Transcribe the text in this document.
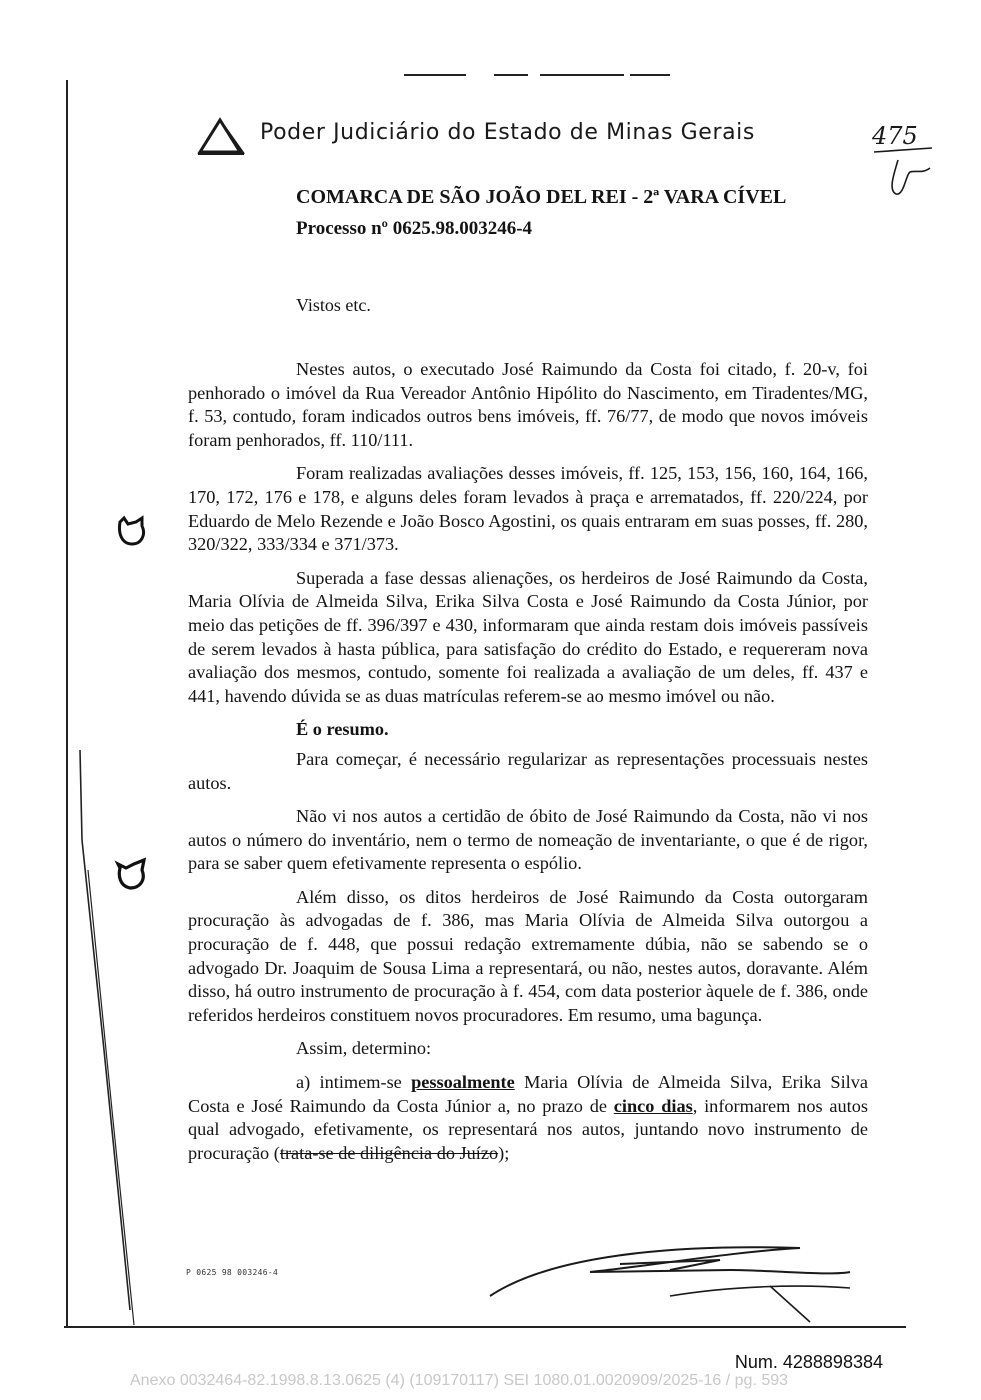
Poder Judiciário do Estado de Minas Gerais	475
COMARCA DE SÃO JOÃO DEL REI - 2ª VARA CÍVEL
Processo nº 0625.98.003246-4
Vistos etc.

Nestes autos, o executado José Raimundo da Costa foi citado, f. 20-v, foi penhorado o imóvel da Rua Vereador Antônio Hipólito do Nascimento, em Tiradentes/MG, f. 53, contudo, foram indicados outros bens imóveis, ff. 76/77, de modo que novos imóveis foram penhorados, ff. 110/111.

Foram realizadas avaliações desses imóveis, ff. 125, 153, 156, 160, 164, 166, 170, 172, 176 e 178, e alguns deles foram levados à praça e arrematados, ff. 220/224, por Eduardo de Melo Rezende e João Bosco Agostini, os quais entraram em suas posses, ff. 280, 320/322, 333/334 e 371/373.

Superada a fase dessas alienações, os herdeiros de José Raimundo da Costa, Maria Olívia de Almeida Silva, Erika Silva Costa e José Raimundo da Costa Júnior, por meio das petições de ff. 396/397 e 430, informaram que ainda restam dois imóveis passíveis de serem levados à hasta pública, para satisfação do crédito do Estado, e requereram nova avaliação dos mesmos, contudo, somente foi realizada a avaliação de um deles, ff. 437 e 441, havendo dúvida se as duas matrículas referem-se ao mesmo imóvel ou não.

É o resumo.

Para começar, é necessário regularizar as representações processuais nestes autos.

Não vi nos autos a certidão de óbito de José Raimundo da Costa, não vi nos autos o número do inventário, nem o termo de nomeação de inventariante, o que é de rigor, para se saber quem efetivamente representa o espólio.

Além disso, os ditos herdeiros de José Raimundo da Costa outorgaram procuração às advogadas de f. 386, mas Maria Olívia de Almeida Silva outorgou a procuração de f. 448, que possui redação extremamente dúbia, não se sabendo se o advogado Dr. Joaquim de Sousa Lima a representará, ou não, nestes autos, doravante. Além disso, há outro instrumento de procuração à f. 454, com data posterior àquele de f. 386, onde referidos herdeiros constituem novos procuradores. Em resumo, uma bagunça.

Assim, determino:

a) intimem-se pessoalmente Maria Olívia de Almeida Silva, Erika Silva Costa e José Raimundo da Costa Júnior a, no prazo de cinco dias, informarem nos autos qual advogado, efetivamente, os representará nos autos, juntando novo instrumento de procuração (trata-se de diligência do Juízo);

P 0625 98 003246-4
Num. 4288898384
Anexo 0032464-82.1998.8.13.0625 (4) (109170117) SEI 1080.01.0020909/2025-16 / pg. 593
